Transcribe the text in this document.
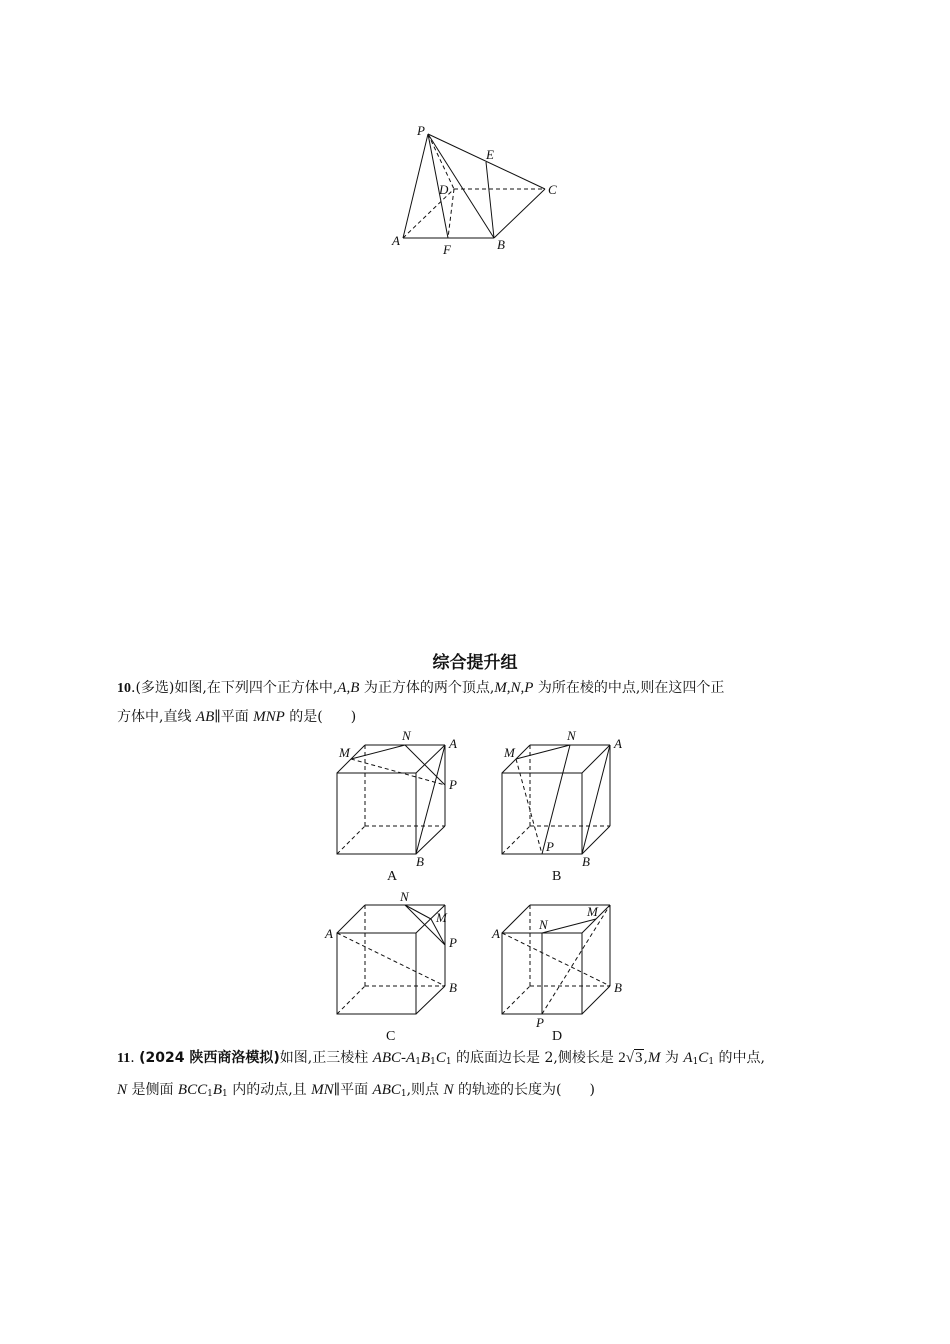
P
E
D	C
A
F	B
综合提升组
10.(多选)如图,在下列四个正方体中,A,B 为正方体的两个顶点,M,N,P 为所在棱的中点,则在这四个正
方体中,直线 AB∥平面 MNP 的是( )
M
N
A
P
B
A
M
N
A
P
B
B
N
M
A
P
B
C
N
M
A
B
P
D
11. (2024 陕西商洛模拟)如图,正三棱柱 ABC-$A_1B_1C_1$ 的底面边长是 2,侧棱长是 2√3,M 为 $A_1C_1$ 的中点,
N 是侧面 $BCC_1B_1$ 内的动点,且 MN∥平面 $ABC_1$,则点 N 的轨迹的长度为( )
